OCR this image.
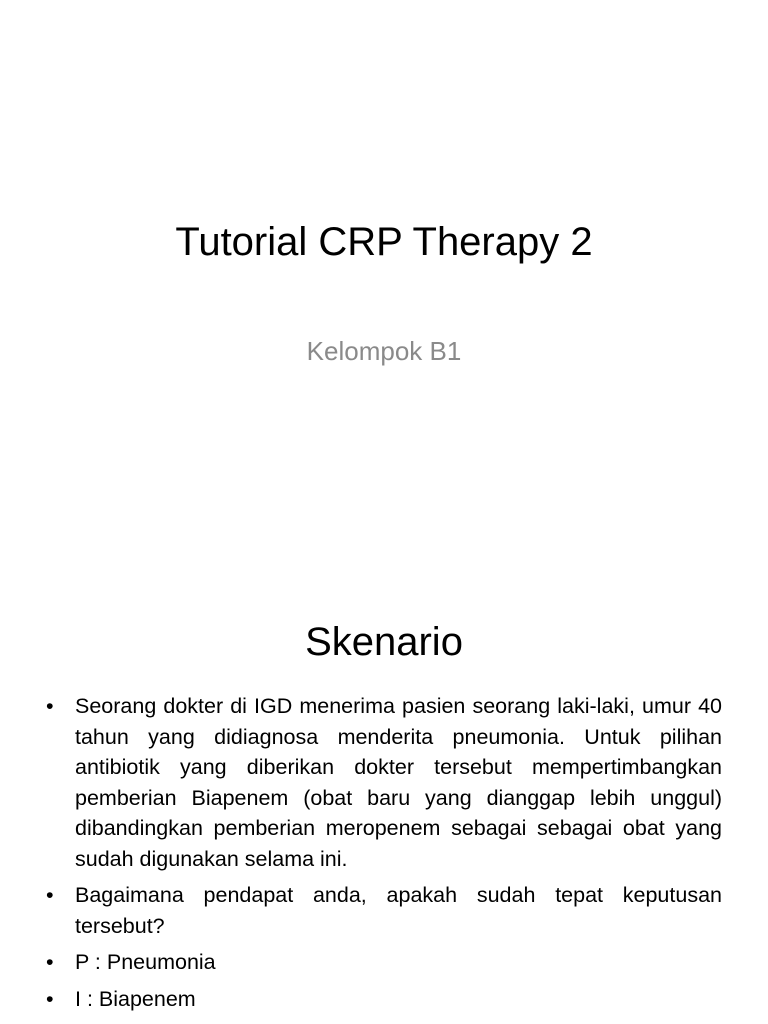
Tutorial CRP Therapy 2
Kelompok B1
Skenario
• Seorang dokter di IGD menerima pasien seorang laki-laki, umur 40 tahun yang didiagnosa menderita pneumonia. Untuk pilihan antibiotik yang diberikan dokter tersebut mempertimbangkan pemberian Biapenem (obat baru yang dianggap lebih unggul) dibandingkan pemberian meropenem sebagai sebagai obat yang sudah digunakan selama ini.
• Bagaimana pendapat anda, apakah sudah tepat keputusan tersebut?
• P : Pneumonia
• I : Biapenem
